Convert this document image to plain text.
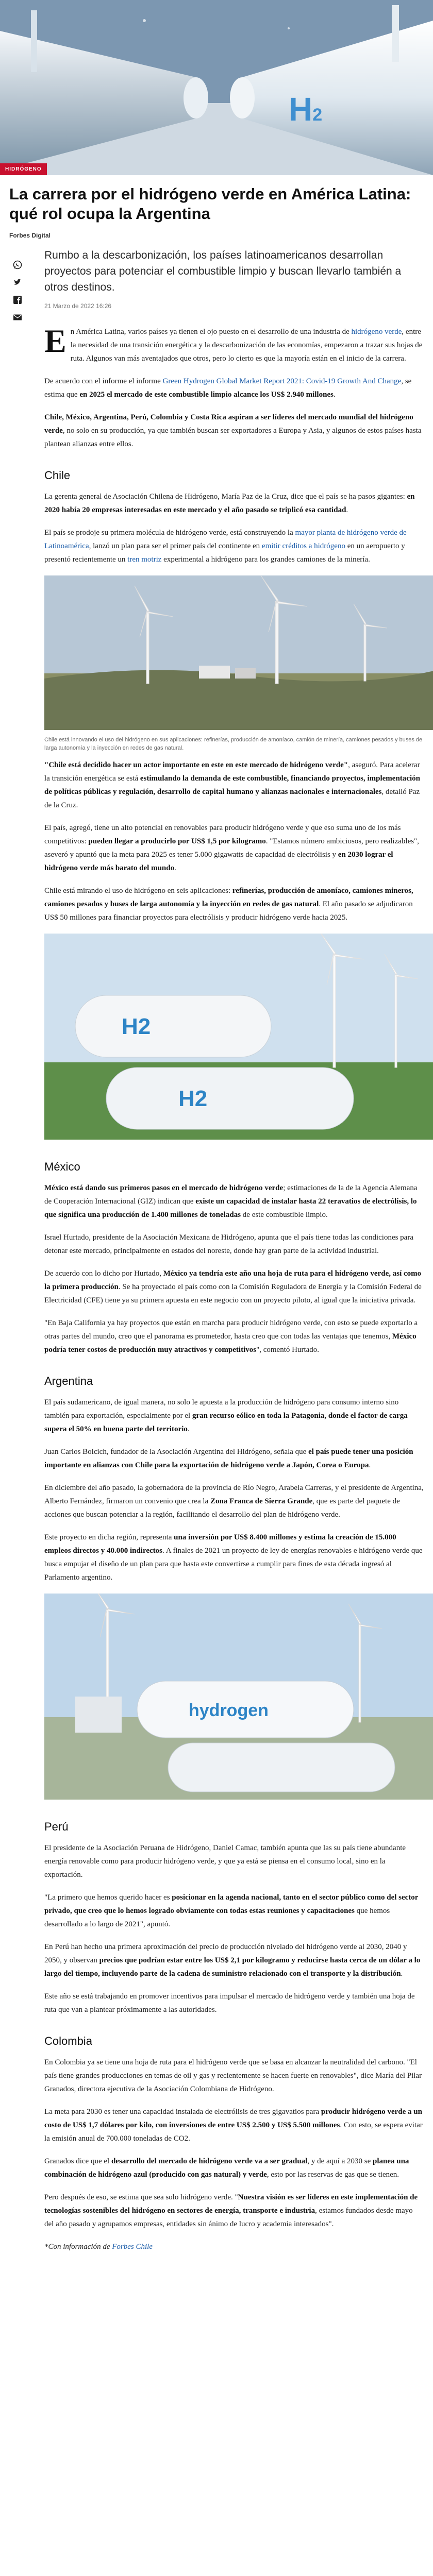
H2
HIDRÓGENO
La carrera por el hidrógeno verde en América Latina: qué rol ocupa la Argentina
Forbes Digital
Rumbo a la descarbonización, los países latinoamericanos desarrollan proyectos para potenciar el combustible limpio y buscan llevarlo también a otros destinos.
21 Marzo de 2022 16:26

E n América Latina, varios países ya tienen el ojo puesto en el desarrollo de una industria de hidrógeno verde, entre la necesidad de una transición energética y la descarbonización de las economías, empezaron a trazar sus hojas de ruta. Algunos van más aventajados que otros, pero lo cierto es que la mayoría están en el inicio de la carrera.

De acuerdo con el informe el informe Green Hydrogen Global Market Report 2021: Covid-19 Growth And Change, se estima que en 2025 el mercado de este combustible limpio alcance los US$ 2.940 millones.

Chile, México, Argentina, Perú, Colombia y Costa Rica aspiran a ser líderes del mercado mundial del hidrógeno verde, no solo en su producción, ya que también buscan ser exportadores a Europa y Asia, y algunos de estos países hasta plantean alianzas entre ellos.

Chile

La gerenta general de Asociación Chilena de Hidrógeno, María Paz de la Cruz, dice que el país se ha pasos gigantes: en 2020 había 20 empresas interesadas en este mercado y el año pasado se triplicó esa cantidad.

El país se prodoje su primera molécula de hidrógeno verde, está construyendo la mayor planta de hidrógeno verde de Latinoamérica, lanzó un plan para ser el primer país del continente en emitir créditos a hidrógeno en un aeropuerto y presentó recientemente un tren motriz experimental a hidrógeno para los grandes camiones de la minería.

Chile está innovando el uso del hidrógeno en sus aplicaciones: refinerías, producción de amoníaco, camión de minería, camiones pesados y buses de larga autonomía y la inyección en redes de gas natural.

"Chile está decidido hacer un actor importante en este en este mercado de hidrógeno verde", aseguró. Para acelerar la transición energética se está estimulando la demanda de este combustible, financiando proyectos, implementación de políticas públicas y regulación, desarrollo de capital humano y alianzas nacionales e internacionales, detalló Paz de la Cruz.

El país, agregó, tiene un alto potencial en renovables para producir hidrógeno verde y que eso suma uno de los más competitivos: pueden llegar a producirlo por US$ 1,5 por kilogramo. "Estamos número ambiciosos, pero realizables", aseveró y apuntó que la meta para 2025 es tener 5.000 gigawatts de capacidad de electrólisis y en 2030 lograr el hidrógeno verde más barato del mundo.

Chile está mirando el uso de hidrógeno en seis aplicaciones: refinerías, producción de amoníaco, camiones mineros, camiones pesados y buses de larga autonomía y la inyección en redes de gas natural. El año pasado se adjudicaron US$ 50 millones para financiar proyectos para electrólisis y producir hidrógeno verde hacia 2025.

H2
H2
México

México está dando sus primeros pasos en el mercado de hidrógeno verde; estimaciones de la de la Agencia Alemana de Cooperación Internacional (GIZ) indican que existe un capacidad de instalar hasta 22 teravatios de electrólisis, lo que significa una producción de 1.400 millones de toneladas de este combustible limpio.

Israel Hurtado, presidente de la Asociación Mexicana de Hidrógeno, apunta que el país tiene todas las condiciones para detonar este mercado, principalmente en estados del noreste, donde hay gran parte de la actividad industrial.

De acuerdo con lo dicho por Hurtado, México ya tendría este año una hoja de ruta para el hidrógeno verde, así como la primera producción. Se ha proyectado el país como con la Comisión Reguladora de Energía y la Comisión Federal de Electricidad (CFE) tiene ya su primera apuesta en este negocio con un proyecto piloto, al igual que la iniciativa privada.

"En Baja California ya hay proyectos que están en marcha para producir hidrógeno verde, con esto se puede exportarlo a otras partes del mundo, creo que el panorama es prometedor, hasta creo que con todas las ventajas que tenemos, México podría tener costos de producción muy atractivos y competitivos", comentó Hurtado.

Argentina

El país sudamericano, de igual manera, no solo le apuesta a la producción de hidrógeno para consumo interno sino también para exportación, especialmente por el gran recurso eólico en toda la Patagonia, donde el factor de carga supera el 50% en buena parte del territorio.

Juan Carlos Bolcich, fundador de la Asociación Argentina del Hidrógeno, señala que el país puede tener una posición importante en alianzas con Chile para la exportación de hidrógeno verde a Japón, Corea o Europa.

En diciembre del año pasado, la gobernadora de la provincia de Río Negro, Arabela Carreras, y el presidente de Argentina, Alberto Fernández, firmaron un convenio que crea la Zona Franca de Sierra Grande, que es parte del paquete de acciones que buscan potenciar a la región, facilitando el desarrollo del plan de hidrógeno verde.

Este proyecto en dicha región, representa una inversión por US$ 8.400 millones y estima la creación de 15.000 empleos directos y 40.000 indirectos. A finales de 2021 un proyecto de ley de energías renovables e hidrógeno verde que busca empujar el diseño de un plan para que hasta este convertirse a cumplir para fines de esta década ingresó al Parlamento argentino.

hydrogen
Perú

El presidente de la Asociación Peruana de Hidrógeno, Daniel Camac, también apunta que las su país tiene abundante energía renovable como para producir hidrógeno verde, y que ya está se piensa en el consumo local, sino en la exportación.

"La primero que hemos querido hacer es posicionar en la agenda nacional, tanto en el sector público como del sector privado, que creo que lo hemos logrado obviamente con todas estas reuniones y capacitaciones que hemos desarrollado a lo largo de 2021", apuntó.

En Perú han hecho una primera aproximación del precio de producción nivelado del hidrógeno verde al 2030, 2040 y 2050, y observan precios que podrían estar entre los US$ 2,1 por kilogramo y reducirse hasta cerca de un dólar a lo largo del tiempo, incluyendo parte de la cadena de suministro relacionado con el transporte y la distribución.

Este año se está trabajando en promover incentivos para impulsar el mercado de hidrógeno verde y también una hoja de ruta que van a plantear próximamente a las autoridades.

Colombia

En Colombia ya se tiene una hoja de ruta para el hidrógeno verde que se basa en alcanzar la neutralidad del carbono. "El país tiene grandes producciones en temas de oil y gas y recientemente se hacen fuerte en renovables", dice María del Pilar Granados, directora ejecutiva de la Asociación Colombiana de Hidrógeno.

La meta para 2030 es tener una capacidad instalada de electrólisis de tres gigavatios para producir hidrógeno verde a un costo de US$ 1,7 dólares por kilo, con inversiones de entre US$ 2.500 y US$ 5.500 millones. Con esto, se espera evitar la emisión anual de 700.000 toneladas de CO2.

Granados dice que el desarrollo del mercado de hidrógeno verde va a ser gradual, y de aquí a 2030 se planea una combinación de hidrógeno azul (producido con gas natural) y verde, esto por las reservas de gas que se tienen.

Pero después de eso, se estima que sea solo hidrógeno verde. "Nuestra visión es ser líderes en este implementación de tecnologías sostenibles del hidrógeno en sectores de energía, transporte e industria, estamos fundados desde mayo del año pasado y agrupamos empresas, entidades sin ánimo de lucro y academia interesados".

*Con información de Forbes Chile
